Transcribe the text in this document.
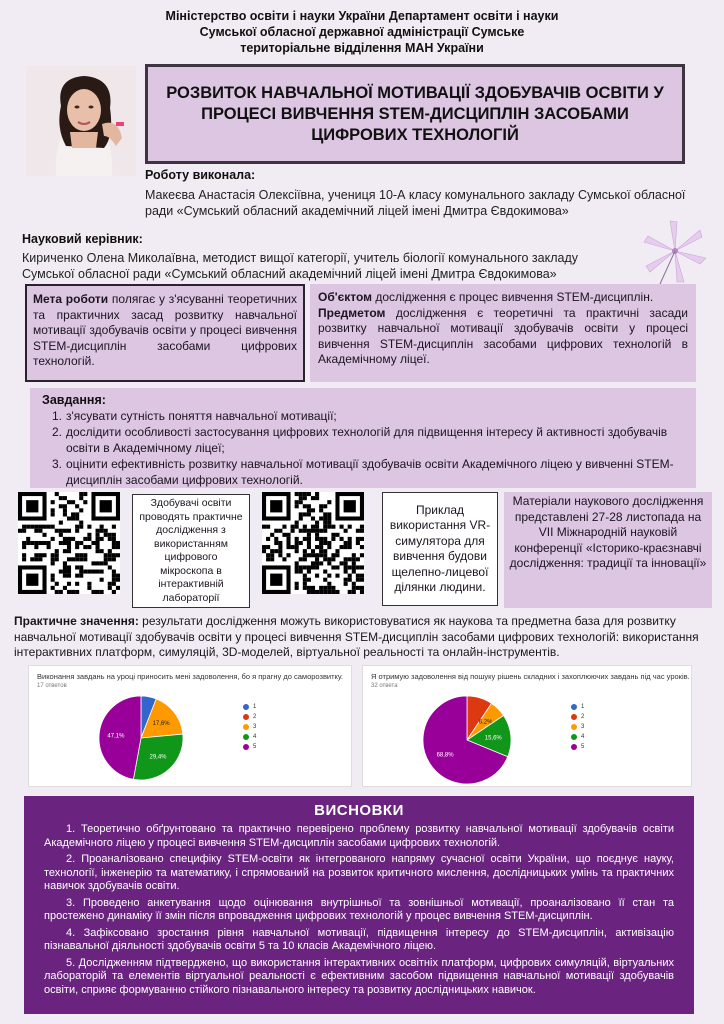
Міністерство освіти і науки України Департамент освіти і науки
Сумської обласної державної адміністрації Сумське
територіальне відділення МАН України
РОЗВИТОК НАВЧАЛЬНОЇ МОТИВАЦІЇ ЗДОБУВАЧІВ ОСВІТИ У ПРОЦЕСІ ВИВЧЕННЯ STEM-ДИСЦИПЛІН ЗАСОБАМИ ЦИФРОВИХ ТЕХНОЛОГІЙ
Роботу виконала:
Макеєва Анастасія Олексіївна, учениця 10-А класу комунального закладу Сумської обласної ради «Сумський обласний академічний ліцей імені Дмитра Євдокимова»
Науковий керівник:
Кириченко Олена Миколаївна, методист вищої категорії, учитель біології комунального закладу Сумської обласної ради «Сумський обласний академічний ліцей імені Дмитра Євдокимова»
Мета роботи полягає у з'ясуванні теоретичних та практичних засад розвитку навчальної мотивації здобувачів освіти у процесі вивчення STEM-дисциплін засобами цифрових технологій.
Об'єктом дослідження є процес вивчення STEM-дисциплін.
Предметом дослідження є теоретичні та практичні засади розвитку навчальної мотивації здобувачів освіти у процесі вивчення STEM-дисциплін засобами цифрових технологій в Академічному ліцеї.
Завдання:
1. з'ясувати сутність поняття навчальної мотивації;
2. дослідити особливості застосування цифрових технологій для підвищення інтересу й активності здобувачів освіти в Академічному ліцеї;
3. оцінити ефективність розвитку навчальної мотивації здобувачів освіти Академічного ліцею у вивченні STEM-дисциплін засобами цифрових технологій.
Здобувачі освіти проводять практичне дослідження з використанням цифрового мікроскопа в інтерактивній лабораторії
Приклад використання VR-симулятора для вивчення будови щелепно-лицевої ділянки людини.
Матеріали наукового дослідження представлені 27-28 листопада на VII Міжнародній науковій конференції «Історико-краєзнавчі дослідження: традиції та інновації»
Практичне значення: результати дослідження можуть використовуватися як наукова та предметна база для розвитку навчальної мотивації здобувачів освіти у процесі вивчення STEM-дисциплін засобами цифрових технологій: використання інтерактивних платформ, симуляцій, 3D-моделей, віртуальної реальності та онлайн-інструментів.
Виконання завдань на уроці приносить мені задоволення, бо я прагну до саморозвитку.
17 ответов
17,6%
29,4%
47,1%
1
2
3
4
5
Я отримую задоволення від пошуку рішень складних і захоплюючих завдань під час уроків.
32 ответа
6,2%
15,6%
68,8%
1
2
3
4
5
ВИСНОВКИ

1. Теоретично обґрунтовано та практично перевірено проблему розвитку навчальної мотивації здобувачів освіти Академічного ліцею у процесі вивчення STEM-дисциплін засобами цифрових технологій.

2. Проаналізовано специфіку STEM-освіти як інтегрованого напряму сучасної освіти України, що поєднує науку, технології, інженерію та математику, і спрямований на розвиток критичного мислення, дослідницьких умінь та практичних навичок здобувачів освіти.

3. Проведено анкетування щодо оцінювання внутрішньої та зовнішньої мотивації, проаналізовано її стан та простежено динаміку її змін після впровадження цифрових технологій у процес вивчення STEM-дисциплін.

4. Зафіксовано зростання рівня навчальної мотивації, підвищення інтересу до STEM-дисциплін, активізацію пізнавальної діяльності здобувачів освіти 5 та 10 класів Академічного ліцею.

5. Дослідженням підтверджено, що використання інтерактивних освітніх платформ, цифрових симуляцій, віртуальних лабораторій та елементів віртуальної реальності є ефективним засобом підвищення навчальної мотивації здобувачів освіти, сприяє формуванню стійкого пізнавального інтересу та розвитку дослідницьких навичок.
